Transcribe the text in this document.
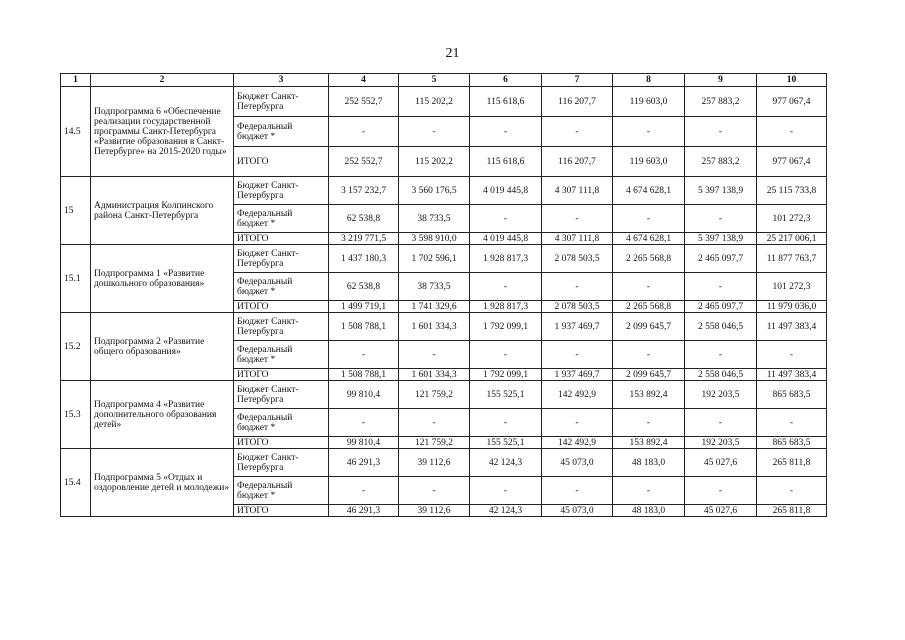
21
1	2	3	4	5	6	7	8	9	10
14.5	Подпрограмма 6 «Обеспечение реализации государственной программы Санкт-Петербурга «Развитие образования в Санкт-Петербурге» на 2015-2020 годы»	Бюджет Санкт-Петербурга	252 552,7	115 202,2	115 618,6	116 207,7	119 603,0	257 883,2	977 067,4
		Федеральный бюджет *	-	-	-	-	-	-	-
		ИТОГО	252 552,7	115 202,2	115 618,6	116 207,7	119 603,0	257 883,2	977 067,4
15	Администрация Колпинского района Санкт-Петербурга	Бюджет Санкт-Петербурга	3 157 232,7	3 560 176,5	4 019 445,8	4 307 111,8	4 674 628,1	5 397 138,9	25 115 733,8
		Федеральный бюджет *	62 538,8	38 733,5	-	-	-	-	101 272,3
		ИТОГО	3 219 771,5	3 598 910,0	4 019 445,8	4 307 111,8	4 674 628,1	5 397 138,9	25 217 006,1
15.1	Подпрограмма 1 «Развитие дошкольного образования»	Бюджет Санкт-Петербурга	1 437 180,3	1 702 596,1	1 928 817,3	2 078 503,5	2 265 568,8	2 465 097,7	11 877 763,7
		Федеральный бюджет *	62 538,8	38 733,5	-	-	-	-	101 272,3
		ИТОГО	1 499 719,1	1 741 329,6	1 928 817,3	2 078 503,5	2 265 568,8	2 465 097,7	11 979 036,0
15.2	Подпрограмма 2 «Развитие общего образования»	Бюджет Санкт-Петербурга	1 508 788,1	1 601 334,3	1 792 099,1	1 937 469,7	2 099 645,7	2 558 046,5	11 497 383,4
		Федеральный бюджет *	-	-	-	-	-	-	-
		ИТОГО	1 508 788,1	1 601 334,3	1 792 099,1	1 937 469,7	2 099 645,7	2 558 046,5	11 497 383,4
15.3	Подпрограмма 4 «Развитие дополнительного образования детей»	Бюджет Санкт-Петербурга	99 810,4	121 759,2	155 525,1	142 492,9	153 892,4	192 203,5	865 683,5
		Федеральный бюджет *	-	-	-	-	-	-	-
		ИТОГО	99 810,4	121 759,2	155 525,1	142 492,9	153 892,4	192 203,5	865 683,5
15.4	Подпрограмма 5 «Отдых и оздоровление детей и молодежи»	Бюджет Санкт-Петербурга	46 291,3	39 112,6	42 124,3	45 073,0	48 183,0	45 027,6	265 811,8
		Федеральный бюджет *	-	-	-	-	-	-	-
		ИТОГО	46 291,3	39 112,6	42 124,3	45 073,0	48 183,0	45 027,6	265 811,8
